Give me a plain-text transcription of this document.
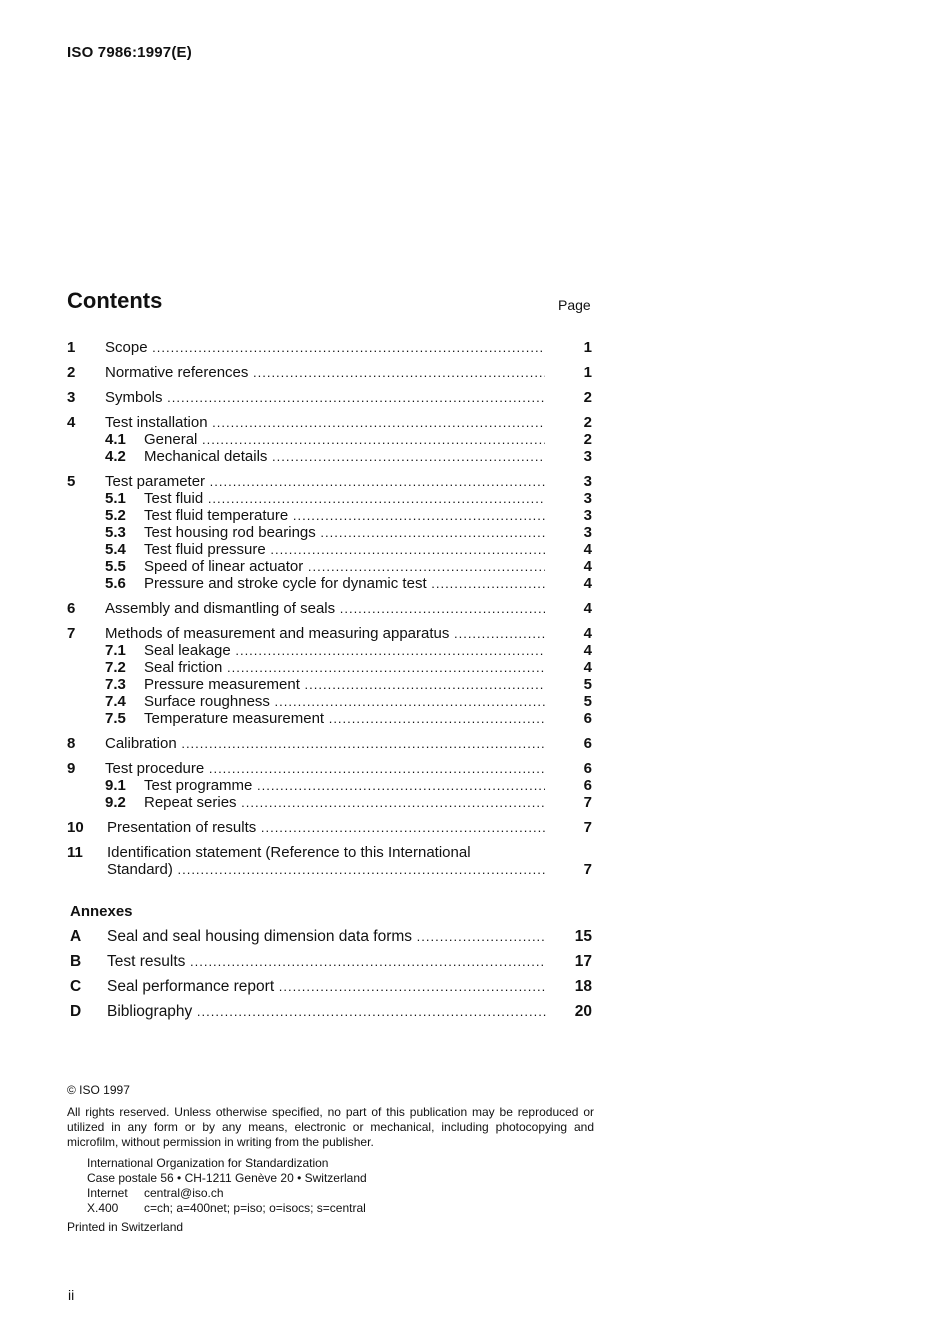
ISO 7986:1997(E)
Contents	Page
1 Scope .....	1
2 Normative references .....	1
3 Symbols .....	2
4 Test installation .....	2
4.1 General .....	2
4.2 Mechanical details .....	3
5 Test parameter .....	3
5.1 Test fluid .....	3
5.2 Test fluid temperature .....	3
5.3 Test housing rod bearings .....	3
5.4 Test fluid pressure .....	4
5.5 Speed of linear actuator .....	4
5.6 Pressure and stroke cycle for dynamic test .....	4
6 Assembly and dismantling of seals .....	4
7 Methods of measurement and measuring apparatus .....	4
7.1 Seal leakage .....	4
7.2 Seal friction .....	4
7.3 Pressure measurement .....	5
7.4 Surface roughness .....	5
7.5 Temperature measurement .....	6
8 Calibration .....	6
9 Test procedure .....	6
9.1 Test programme .....	6
9.2 Repeat series .....	7
10 Presentation of results .....	7
11 Identification statement (Reference to this International
Standard) .....	7
Annexes
A Seal and seal housing dimension data forms .....	15
B Test results .....	17
C Seal performance report .....	18
D Bibliography .....	20
© ISO 1997
All rights reserved. Unless otherwise specified, no part of this publication may be reproduced or utilized in any form or by any means, electronic or mechanical, including photocopying and microfilm, without permission in writing from the publisher.
International Organization for Standardization
Case postale 56 • CH-1211 Genève 20 • Switzerland
Internet central@iso.ch
X.400 c=ch; a=400net; p=iso; o=isocs; s=central
Printed in Switzerland
ii
